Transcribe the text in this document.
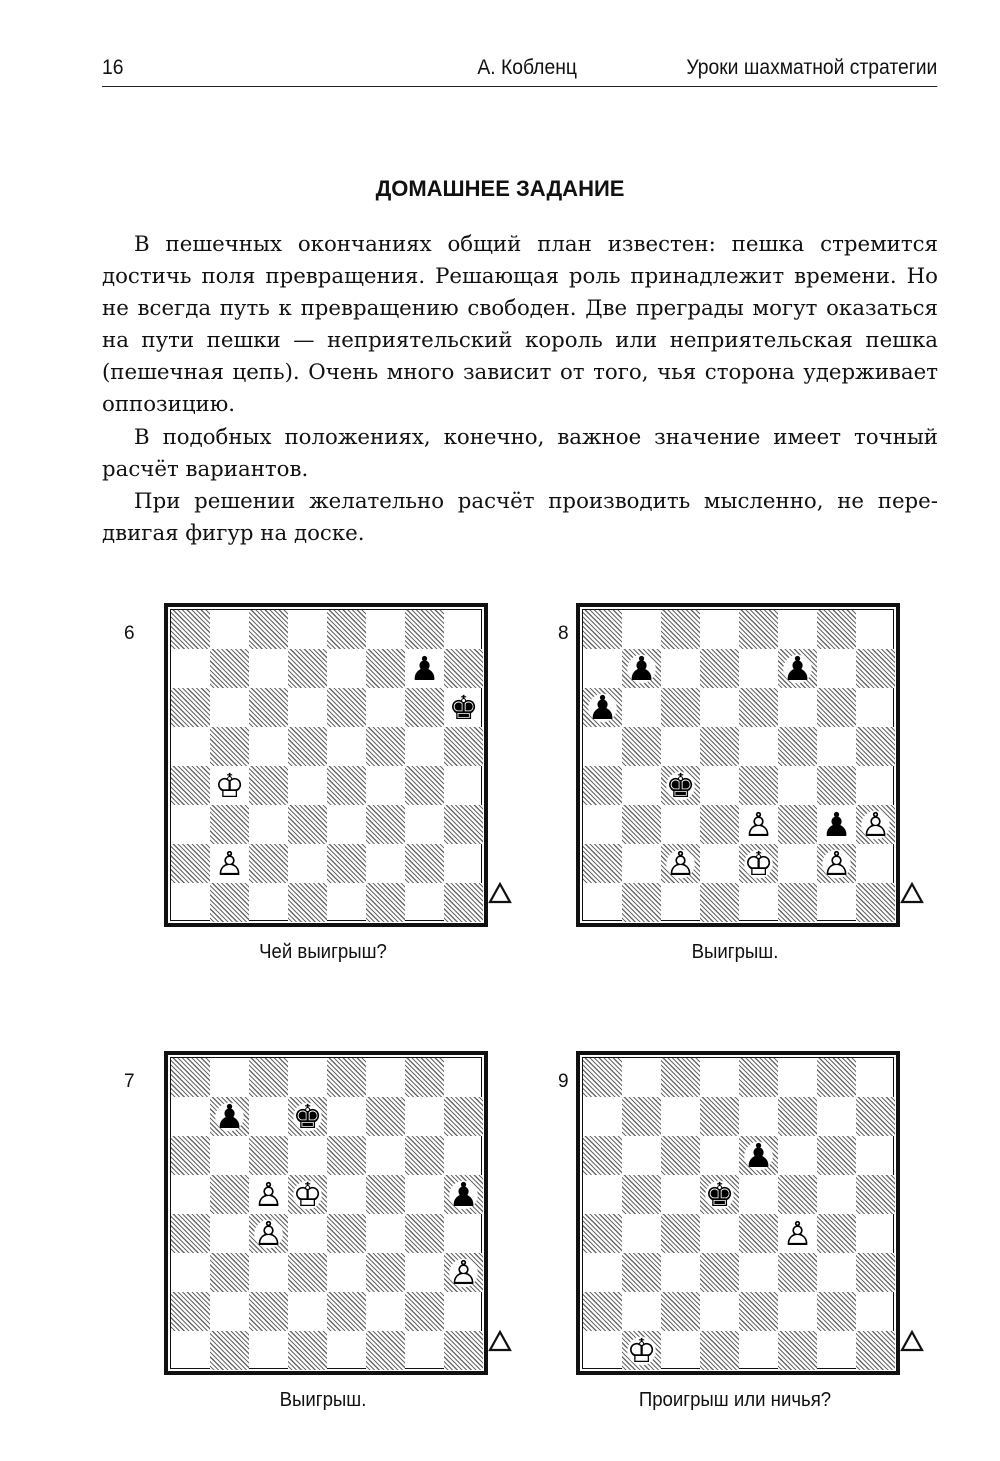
16	А. Кобленц	Уроки шахматной стратегии
ДОМАШНЕЕ ЗАДАНИЕ

В пешечных окончаниях общий план известен: пешка стремится достичь поля превращения. Решающая роль принадлежит времени. Но не всегда путь к превращению свободен. Две преграды могут оказаться на пути пешки — неприятельский король или неприятельская пешка (пешечная цепь). Очень много зависит от того, чья сторона удерживает оппозицию.

В подобных положениях, конечно, важное значение имеет точный расчёт вариантов.

При решении желательно расчёт производить мысленно, не передвигая фигур на доске.

6
♟
♚
♔
♙
Чей выигрыш?
8
♟	♟
♟
♚
♙ ♟ ♙
♙ ♔ ♙
Выигрыш.
7
♟ ♚
♙ ♔	♟
♙
♙
Выигрыш.
9
♟
♚
♙
♔
Проигрыш или ничья?
